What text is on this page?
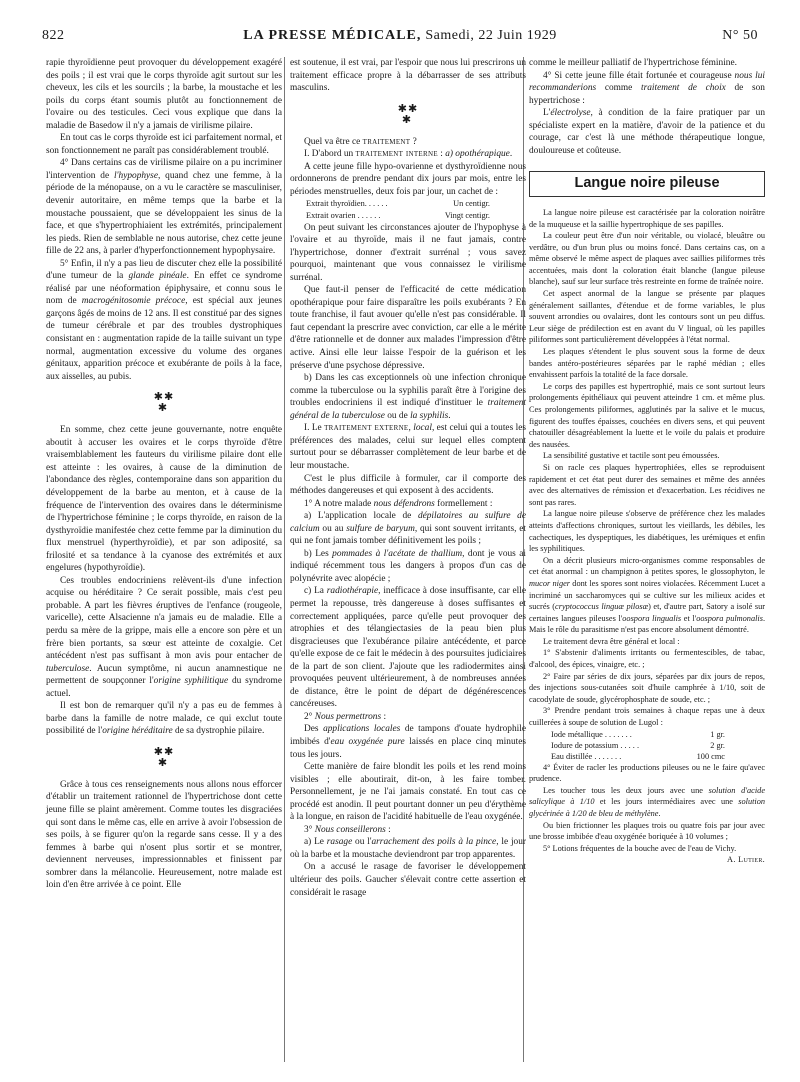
822	LA PRESSE MÉDICALE, Samedi, 22 Juin 1929	N° 50

rapie thyroïdienne peut provoquer du développement exagéré des poils ; il est vrai que le corps thyroïde agit surtout sur les cheveux, les cils et les sourcils ; la barbe, la moustache et les poils du corps étant soumis plutôt au fonctionnement de l'ovaire ou des testicules. Ceci vous explique que dans la maladie de Basedow il n'y a jamais de virilisme pilaire.

En tout cas le corps thyroïde est ici parfaitement normal, et son fonctionnement ne paraît pas considérablement troublé.

4° Dans certains cas de virilisme pilaire on a pu incriminer l'intervention de l'hypophyse, quand chez une femme, à la période de la ménopause, on a vu le caractère se masculiniser, devenir autoritaire, en même temps que la barbe et la moustache poussaient, que se développaient les sinus de la face, et que s'hypertrophiaient les extrémités, principalement les pieds. Rien de semblable ne nous autorise, chez cette jeune fille de 22 ans, à parler d'hyperfonctionnement hypophysaire.

5° Enfin, il n'y a pas lieu de discuter chez elle la possibilité d'une tumeur de la glande pinéale. En effet ce syndrome réalisé par une néoformation épiphysaire, et connu sous le nom de macrogénitosomie précoce, est spécial aux jeunes garçons âgés de moins de 12 ans. Il est constitué par des signes de tumeur cérébrale et par des troubles dystrophiques consistant en : augmentation rapide de la taille suivant un type normal, augmentation excessive du volume des organes génitaux, apparition précoce et exubérante de poils à la face, aux aisselles, au pubis.

✱✱
✱

En somme, chez cette jeune gouvernante, notre enquête aboutit à accuser les ovaires et le corps thyroïde d'être vraisemblablement les fauteurs du virilisme pilaire dont elle est atteinte : les ovaires, à cause de la diminution de l'abondance des règles, contemporaine dans son apparition du développement de la barbe au menton, et à cause de la fréquence de l'intervention des ovaires dans le déterminisme de l'hypertrichose féminine ; le corps thyroïde, en raison de la dysthyroïdie manifestée chez cette femme par la diminution du flux menstruel (hyperthyroïdie), et par son adiposité, sa frilosité et sa tendance à la cyanose des extrémités et aux engelures (hypothyroïdie).

Ces troubles endocriniens relèvent-ils d'une infection acquise ou héréditaire ? Ce serait possible, mais c'est peu probable. A part les fièvres éruptives de l'enfance (rougeole, varicelle), cette Alsacienne n'a jamais eu de maladie. Elle a perdu sa mère de la grippe, mais elle a encore son père et un frère bien portants, sa sœur est atteinte de coxalgie. Cet antécédent n'est pas suffisant à mon avis pour entacher de tuberculose. Aucun symptôme, ni aucun anamnestique ne permettent de soupçonner l'origine syphilitique du syndrome actuel.

Il est bon de remarquer qu'il n'y a pas eu de femmes à barbe dans la famille de notre malade, ce qui exclut toute possibilité de l'origine héréditaire de sa dystrophie pilaire.

✱✱
✱

Grâce à tous ces renseignements nous allons nous efforcer d'établir un traitement rationnel de l'hypertrichose dont cette jeune fille se plaint amèrement. Comme toutes les disgraciées qui sont dans le même cas, elle en arrive à avoir l'obsession de ses poils, à se figurer qu'on la regarde sans cesse. Il y a des femmes à barbe qui n'osent plus sortir et se montrer, deviennent nerveuses, impressionnables et finissent par sombrer dans la mélancolie. Heureusement, notre malade est loin d'en être arrivée à ce point. Elle

est soutenue, il est vrai, par l'espoir que nous lui prescrirons un traitement efficace propre à la débarrasser de ses attributs masculins.

✱✱
✱

Quel va être ce traitement ?

I. D'abord un traitement interne : a) opothérapique.

A cette jeune fille hypo-ovarienne et dysthyroïdienne nous ordonnerons de prendre pendant dix jours par mois, entre les périodes menstruelles, deux fois par jour, un cachet de :

Extrait thyroïdien. . . . . .	Un centigr.
Extrait ovarien . . . . . .	Vingt centigr.

On peut suivant les circonstances ajouter de l'hypophyse à l'ovaire et au thyroïde, mais il ne faut jamais, contre l'hypertrichose, donner d'extrait surrénal ; vous savez pourquoi, maintenant que vous connaissez le virilisme surrénal.

Que faut-il penser de l'efficacité de cette médication opothérapique pour faire disparaître les poils exubérants ? En toute franchise, il faut avouer qu'elle n'est pas considérable. Il faut cependant la prescrire avec conviction, car elle a le mérite d'être rationnelle et de donner aux malades l'impression d'être active. Ainsi elle leur laisse l'espoir de la guérison et les préserve d'une psychose dépressive.

b) Dans les cas exceptionnels où une infection chronique comme la tuberculose ou la syphilis paraît être à l'origine des troubles endocriniens il est indiqué d'instituer le traitement général de la tuberculose ou de la syphilis.

I. Le traitement externe, local, est celui qui a toutes les préférences des malades, celui sur lequel elles comptent surtout pour se débarrasser complètement de leur barbe et de leur moustache.

C'est le plus difficile à formuler, car il comporte des méthodes dangereuses et qui exposent à des accidents.

1° A notre malade nous défendrons formellement :

a) L'application locale de dépilatoires au sulfure de calcium ou au sulfure de baryum, qui sont souvent irritants, et qui ne font jamais tomber définitivement les poils ;

b) Les pommades à l'acétate de thallium, dont je vous ai indiqué récemment tous les dangers à propos d'un cas de polynévrite avec alopécie ;

c) La radiothérapie, inefficace à dose insuffisante, car elle permet la repousse, très dangereuse à doses suffisantes et correctement appliquées, parce qu'elle peut provoquer des atrophies et des télangiectasies de la peau bien plus disgracieuses que l'exubérance pilaire antécédente, et parce qu'elle expose de ce fait le médecin à des poursuites judiciaires de la part de son client. J'ajoute que les radiodermites ainsi provoquées peuvent ultérieurement, à de nombreuses années de distance, être le point de départ de dégénérescences cancéreuses.

2° Nous permettrons :

Des applications locales de tampons d'ouate hydrophile imbibés d'eau oxygénée pure laissés en place cinq minutes tous les jours.

Cette manière de faire blondit les poils et les rend moins visibles ; elle aboutirait, dit-on, à les faire tomber. Personnellement, je ne l'ai jamais constaté. En tout cas ce procédé est anodin. Il peut pourtant donner un peu d'érythème à la longue, en raison de l'acidité habituelle de l'eau oxygénée.

3° Nous conseillerons :

a) Le rasage ou l'arrachement des poils à la pince, le jour où la barbe et la moustache deviendront par trop apparentes.

On a accusé le rasage de favoriser le développement ultérieur des poils. Gaucher s'élevait contre cette assertion et considérait le rasage

comme le meilleur palliatif de l'hypertrichose féminine.

4° Si cette jeune fille était fortunée et courageuse nous lui recommanderions comme traitement de choix de son hypertrichose :

L'électrolyse, à condition de la faire pratiquer par un spécialiste expert en la matière, d'avoir de la patience et du courage, car c'est là une méthode thérapeutique longue, douloureuse et coûteuse.

Langue noire pileuse

La langue noire pileuse est caractérisée par la coloration noirâtre de la muqueuse et la saillie hypertrophique de ses papilles.

La couleur peut être d'un noir véritable, ou violacé, bleuâtre ou verdâtre, ou d'un brun plus ou moins foncé. Dans certains cas, on a même observé le même aspect de plaques avec saillies piliformes très accentuées, mais dont la coloration était blanche (langue pileuse blanche), sauf sur leur surface très restreinte en forme de traînée noire.

Cet aspect anormal de la langue se présente par plaques généralement saillantes, d'étendue et de forme variables, le plus souvent arrondies ou ovalaires, dont les contours sont un peu diffus. Leur siège de prédilection est en avant du V lingual, où les papilles piliformes sont particulièrement développées à l'état normal.

Les plaques s'étendent le plus souvent sous la forme de deux bandes antéro-postérieures séparées par le raphé médian ; elles envahissent parfois la totalité de la face dorsale.

Le corps des papilles est hypertrophié, mais ce sont surtout leurs prolongements épithéliaux qui peuvent atteindre 1 cm. et même plus. Ces prolongements piliformes, agglutinés par la salive et le mucus, figurent des touffes épaisses, couchées en divers sens, et qui peuvent chatouiller désagréablement la luette et le voile du palais et produire des nausées.

La sensibilité gustative et tactile sont peu émoussées.

Si on racle ces plaques hypertrophiées, elles se reproduisent rapidement et cet état peut durer des semaines et même des années avec des alternatives de rémission et d'exacerbation. Les récidives ne sont pas rares.

La langue noire pileuse s'observe de préférence chez les malades atteints d'affections chroniques, surtout les vieillards, les débiles, les cachectiques, les dyspeptiques, les diabétiques, les urémiques et enfin les syphilitiques.

On a décrit plusieurs micro-organismes comme responsables de cet état anormal : un champignon à petites spores, le glossophyton, le mucor niger dont les spores sont noires violacées. Récemment Lucet a incriminé un saccharomyces qui se cultive sur les milieux acides et sucrés (cryptococcus linguæ pilosæ) et, d'autre part, Satory a isolé sur certaines langues pileuses l'oospora lingualis et l'oospora pulmonalis. Mais le rôle du parasitisme n'est pas encore absolument démontré.

Le traitement devra être général et local :

1° S'abstenir d'aliments irritants ou fermentescibles, de tabac, d'alcool, des épices, vinaigre, etc. ;

2° Faire par séries de dix jours, séparées par dix jours de repos, des injections sous-cutanées soit d'huile camphrée à 1/10, soit de cacodylate de soude, glycérophosphate de soude, etc. ;

3° Prendre pendant trois semaines à chaque repas une à deux cuillerées à soupe de solution de Lugol :

Iode métallique . . . . . . .	1 gr.
Iodure de potassium . . . . .	2 gr.
Eau distillée . . . . . . .	100 cmc

4° Éviter de racler les productions pileuses ou ne le faire qu'avec prudence.

Les toucher tous les deux jours avec une solution d'acide salicylique à 1/10 et les jours intermédiaires avec une solution glycérinée à 1/20 de bleu de méthylène.

Ou bien frictionner les plaques trois ou quatre fois par jour avec une brosse imbibée d'eau oxygénée boriquée à 10 volumes ;

5° Lotions fréquentes de la bouche avec de l'eau de Vichy.

A. Lutier.
